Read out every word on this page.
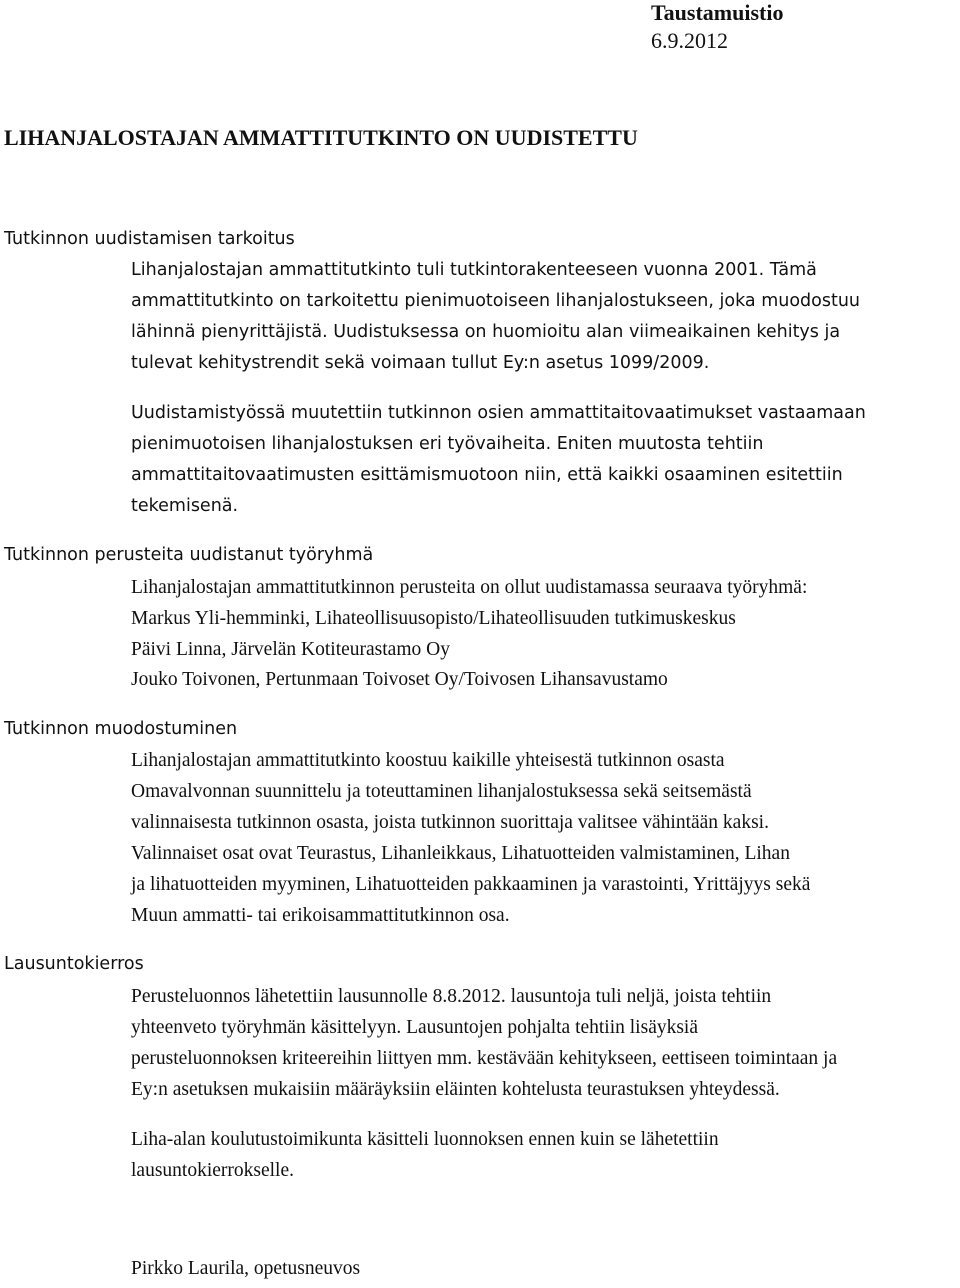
Taustamuistio
6.9.2012
LIHANJALOSTAJAN AMMATTITUTKINTO ON UUDISTETTU
Tutkinnon uudistamisen tarkoitus
Lihanjalostajan ammattitutkinto tuli tutkintorakenteeseen vuonna 2001. Tämä
ammattitutkinto on tarkoitettu pienimuotoiseen lihanjalostukseen, joka muodostuu
lähinnä pienyrittäjistä. Uudistuksessa on huomioitu alan viimeaikainen kehitys ja
tulevat kehitystrendit sekä voimaan tullut Ey:n asetus 1099/2009.
Uudistamistyössä muutettiin tutkinnon osien ammattitaitovaatimukset vastaamaan
pienimuotoisen lihanjalostuksen eri työvaiheita. Eniten muutosta tehtiin
ammattitaitovaatimusten esittämismuotoon niin, että kaikki osaaminen esitettiin
tekemisenä.
Tutkinnon perusteita uudistanut työryhmä
Lihanjalostajan ammattitutkinnon perusteita on ollut uudistamassa seuraava työryhmä:
Markus Yli-hemminki, Lihateollisuusopisto/Lihateollisuuden tutkimuskeskus
Päivi Linna, Järvelän Kotiteurastamo Oy
Jouko Toivonen, Pertunmaan Toivoset Oy/Toivosen Lihansavustamo
Tutkinnon muodostuminen
Lihanjalostajan ammattitutkinto koostuu kaikille yhteisestä tutkinnon osasta
Omavalvonnan suunnittelu ja toteuttaminen lihanjalostuksessa sekä seitsemästä
valinnaisesta tutkinnon osasta, joista tutkinnon suorittaja valitsee vähintään kaksi.
Valinnaiset osat ovat Teurastus, Lihanleikkaus, Lihatuotteiden valmistaminen, Lihan
ja lihatuotteiden myyminen, Lihatuotteiden pakkaaminen ja varastointi, Yrittäjyys sekä
Muun ammatti- tai erikoisammattitutkinnon osa.
Lausuntokierros
Perusteluonnos lähetettiin lausunnolle 8.8.2012. lausuntoja tuli neljä, joista tehtiin
yhteenveto työryhmän käsittelyyn. Lausuntojen pohjalta tehtiin lisäyksiä
perusteluonnoksen kriteereihin liittyen mm. kestävään kehitykseen, eettiseen toimintaan ja
Ey:n asetuksen mukaisiin määräyksiin eläinten kohtelusta teurastuksen yhteydessä.
Liha-alan koulutustoimikunta käsitteli luonnoksen ennen kuin se lähetettiin
lausuntokierrokselle.
Pirkko Laurila, opetusneuvos
